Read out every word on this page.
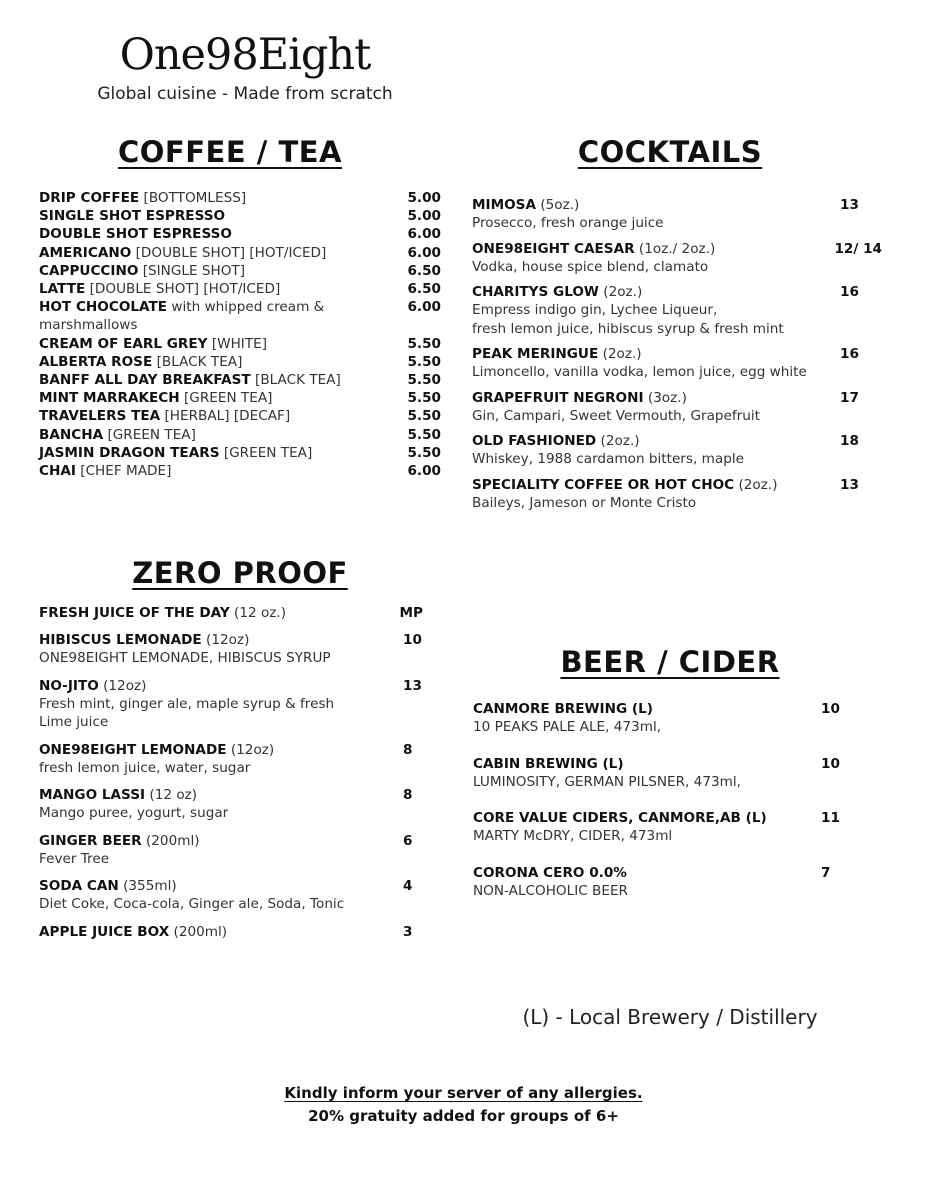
One98Eight
Global cuisine - Made from scratch
COFFEE / TEA	COCKTAILS
ZERO PROOF
BEER / CIDER
DRIP COFFEE [BOTTOMLESS]	5.00
SINGLE SHOT ESPRESSO	5.00
DOUBLE SHOT ESPRESSO	6.00
AMERICANO [DOUBLE SHOT] [HOT/ICED]	6.00
CAPPUCCINO [SINGLE SHOT]	6.50
LATTE [DOUBLE SHOT] [HOT/ICED]	6.50
HOT CHOCOLATE with whipped cream &	6.00
marshmallows
CREAM OF EARL GREY [WHITE]	5.50
ALBERTA ROSE [BLACK TEA]	5.50
BANFF ALL DAY BREAKFAST [BLACK TEA]	5.50
MINT MARRAKECH [GREEN TEA]	5.50
TRAVELERS TEA [HERBAL] [DECAF]	5.50
BANCHA [GREEN TEA]	5.50
JASMIN DRAGON TEARS [GREEN TEA]	5.50
CHAI [CHEF MADE]	6.00
MIMOSA (5oz.)	13
Prosecco, fresh orange juice
ONE98EIGHT CAESAR (1oz./ 2oz.)	12/ 14
Vodka, house spice blend, clamato
CHARITYS GLOW (2oz.)	16
Empress indigo gin, Lychee Liqueur,
fresh lemon juice, hibiscus syrup & fresh mint
PEAK MERINGUE (2oz.)	16
Limoncello, vanilla vodka, lemon juice, egg white
GRAPEFRUIT NEGRONI (3oz.)	17
Gin, Campari, Sweet Vermouth, Grapefruit
OLD FASHIONED (2oz.)	18
Whiskey, 1988 cardamon bitters, maple
SPECIALITY COFFEE OR HOT CHOC (2oz.)	13
Baileys, Jameson or Monte Cristo
FRESH JUICE OF THE DAY (12 oz.)	MP
HIBISCUS LEMONADE (12oz)	10
ONE98EIGHT LEMONADE, HIBISCUS SYRUP
NO-JITO (12oz)	13
Fresh mint, ginger ale, maple syrup & fresh
Lime juice
ONE98EIGHT LEMONADE (12oz)	8
fresh lemon juice, water, sugar
MANGO LASSI (12 oz)	8
Mango puree, yogurt, sugar
GINGER BEER (200ml)	6
Fever Tree
SODA CAN (355ml)	4
Diet Coke, Coca-cola, Ginger ale, Soda, Tonic
APPLE JUICE BOX (200ml)	3
CANMORE BREWING (L)	10
10 PEAKS PALE ALE, 473ml,
CABIN BREWING (L)	10
LUMINOSITY, GERMAN PILSNER, 473ml,
CORE VALUE CIDERS, CANMORE,AB (L)	11
MARTY McDRY, CIDER, 473ml
CORONA CERO 0.0%	7
NON-ALCOHOLIC BEER
(L) - Local Brewery / Distillery
Kindly inform your server of any allergies.
20% gratuity added for groups of 6+
